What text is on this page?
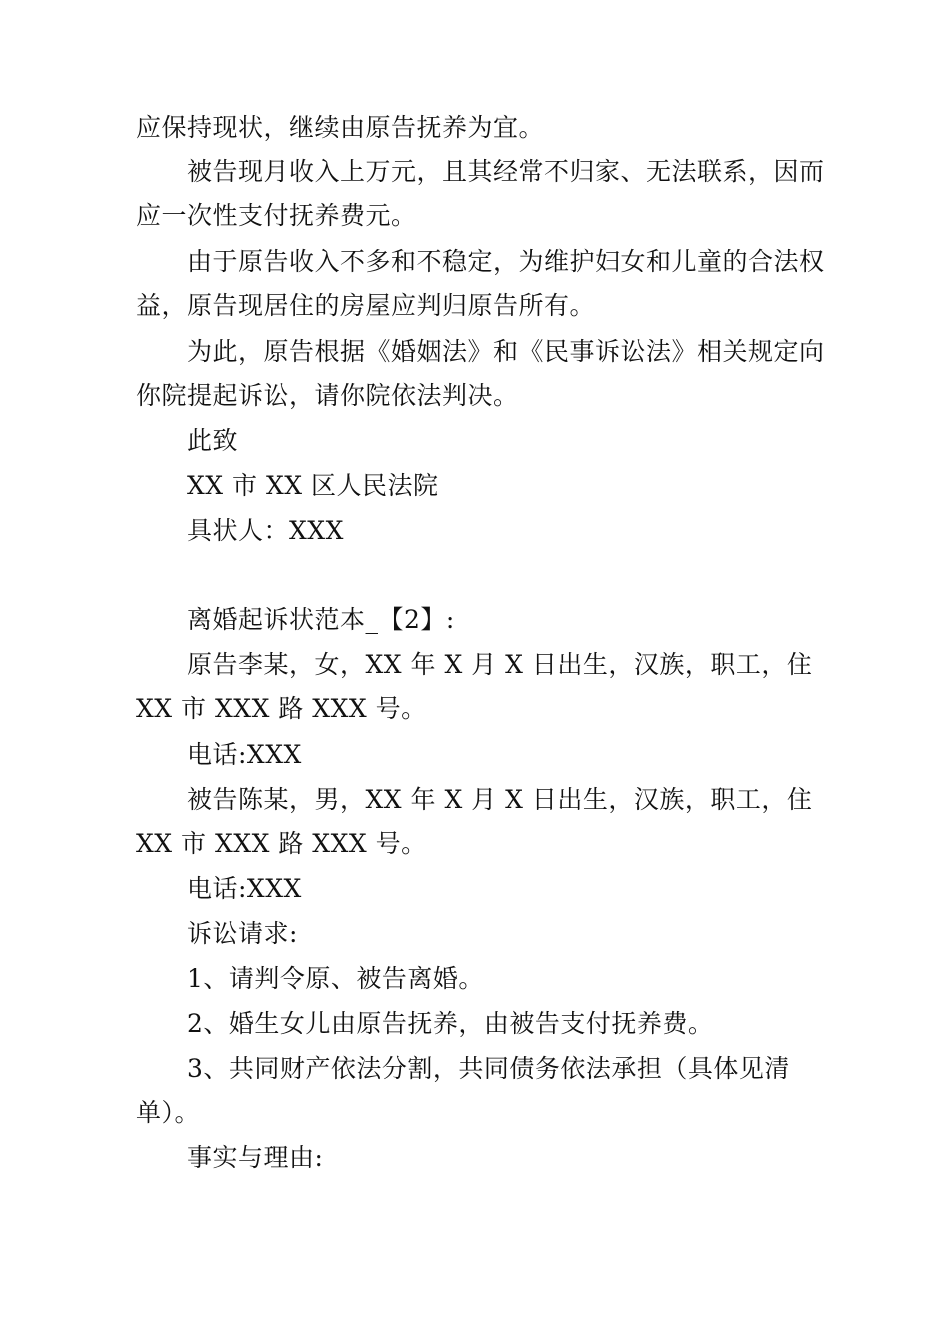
应保持现状，继续由原告抚养为宜。
被告现月收入上万元，且其经常不归家、无法联系，因而
应一次性支付抚养费元。
由于原告收入不多和不稳定，为维护妇女和儿童的合法权
益，原告现居住的房屋应判归原告所有。
为此，原告根据《婚姻法》和《民事诉讼法》相关规定向
你院提起诉讼，请你院依法判决。
此致
XX 市 XX 区人民法院
具状人：XXX
离婚起诉状范本_【2】:
原告李某，女，XX 年 X 月 X 日出生，汉族，职工，住
XX 市 XXX 路 XXX 号。
电话:XXX
被告陈某，男，XX 年 X 月 X 日出生，汉族，职工，住
XX 市 XXX 路 XXX 号。
电话:XXX
诉讼请求:
1、请判令原、被告离婚。
2、婚生女儿由原告抚养，由被告支付抚养费。
3、共同财产依法分割，共同债务依法承担（具体见清
单）。
事实与理由:
